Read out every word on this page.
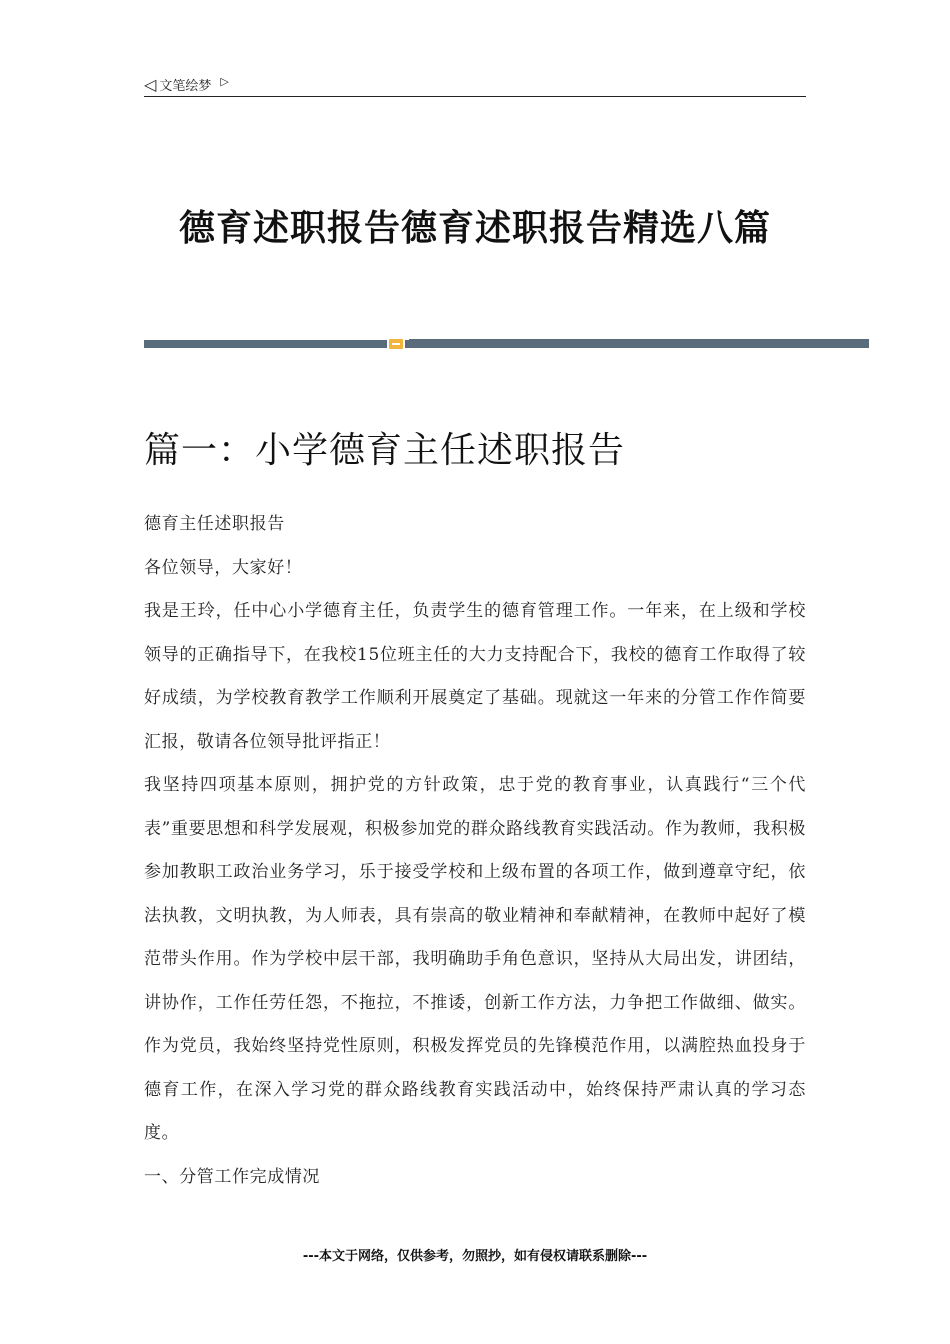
◁ 文笔绘梦 ▷
德育述职报告德育述职报告精选八篇
篇一：小学德育主任述职报告

德育主任述职报告

各位领导，大家好！

我是王玲，任中心小学德育主任，负责学生的德育管理工作。一年来，在上级和学校领导的正确指导下，在我校15位班主任的大力支持配合下，我校的德育工作取得了较好成绩，为学校教育教学工作顺利开展奠定了基础。现就这一年来的分管工作作简要汇报，敬请各位领导批评指正！

我坚持四项基本原则，拥护党的方针政策，忠于党的教育事业，认真践行“三个代表”重要思想和科学发展观，积极参加党的群众路线教育实践活动。作为教师，我积极参加教职工政治业务学习，乐于接受学校和上级布置的各项工作，做到遵章守纪，依法执教，文明执教，为人师表，具有崇高的敬业精神和奉献精神，在教师中起好了模范带头作用。作为学校中层干部，我明确助手角色意识，坚持从大局出发，讲团结，讲协作，工作任劳任怨，不拖拉，不推诿，创新工作方法，力争把工作做细、做实。作为党员，我始终坚持党性原则，积极发挥党员的先锋模范作用，以满腔热血投身于德育工作，在深入学习党的群众路线教育实践活动中，始终保持严肃认真的学习态度。

一、分管工作完成情况

---本文于网络，仅供参考，勿照抄，如有侵权请联系删除---
